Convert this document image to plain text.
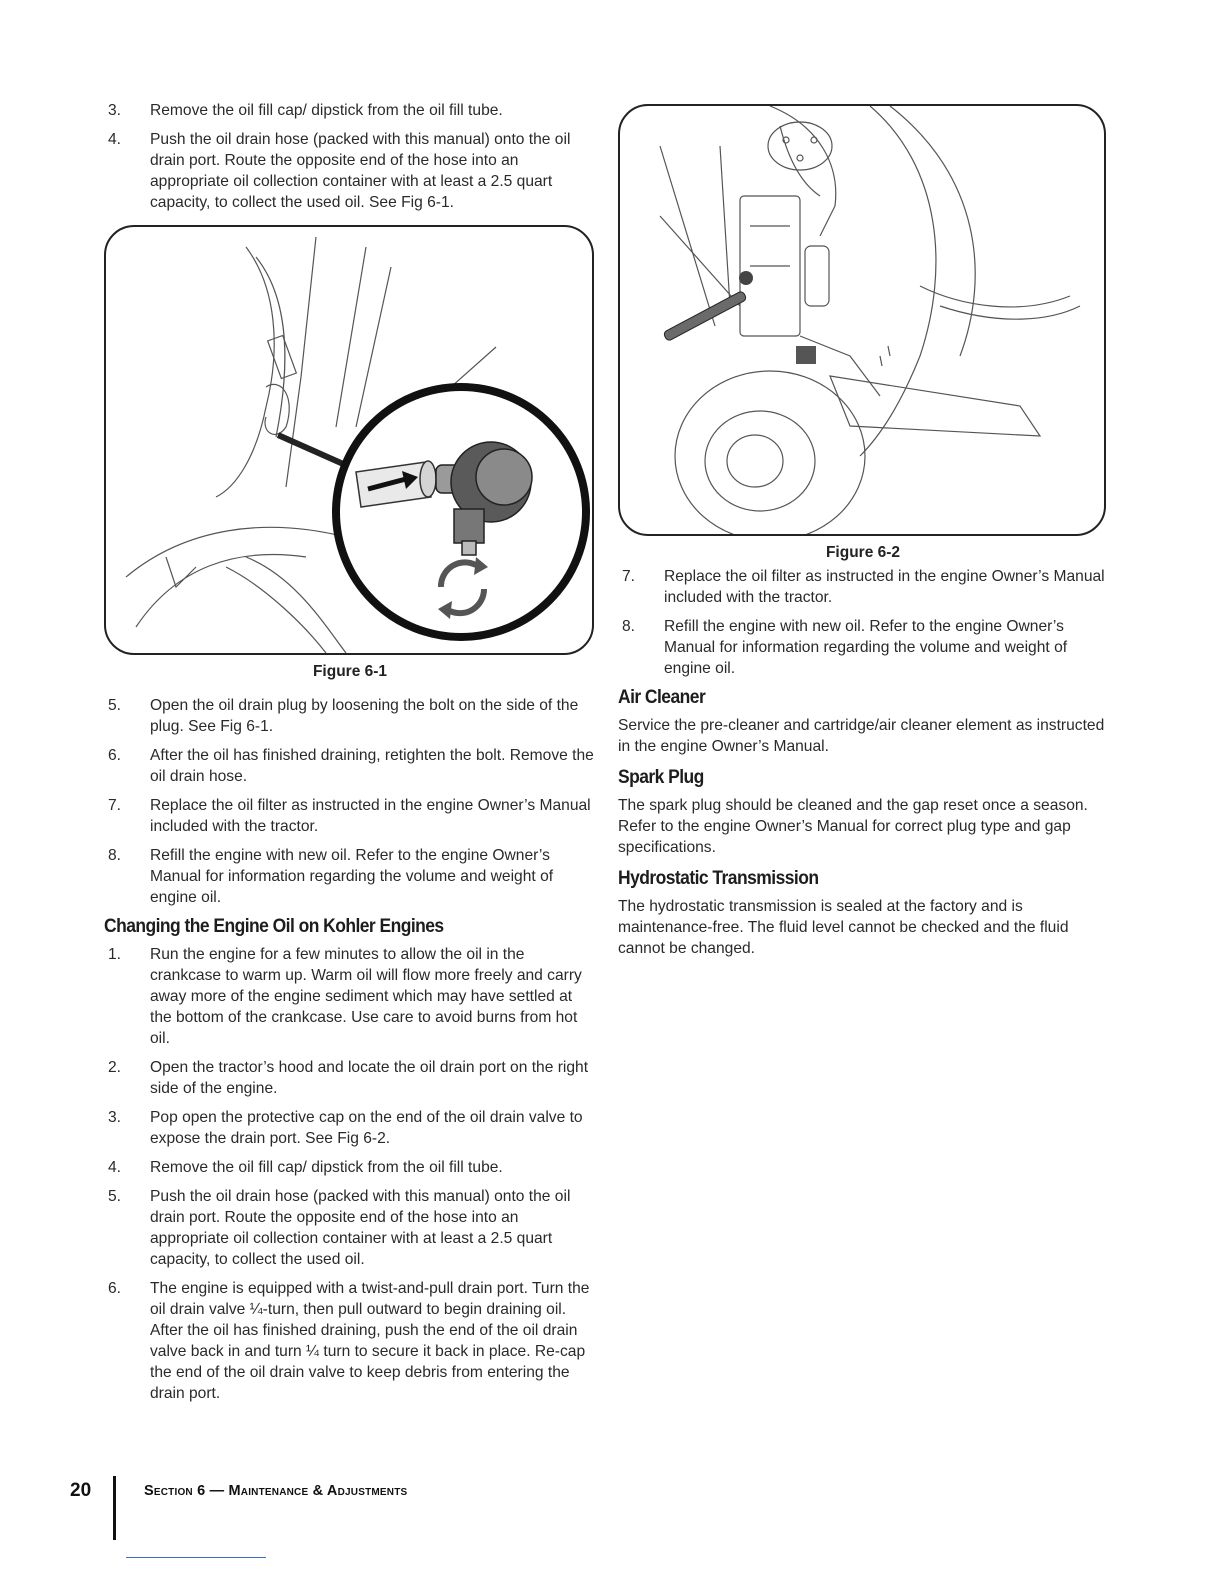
3. Remove the oil fill cap/ dipstick from the oil fill tube.
4. Push the oil drain hose (packed with this manual) onto the oil drain port. Route the opposite end of the hose into an appropriate oil collection container with at least a 2.5 quart capacity, to collect the used oil. See Fig 6-1.
Figure 6-1
5. Open the oil drain plug by loosening the bolt on the side of the plug. See Fig 6-1.
6. After the oil has finished draining, retighten the bolt. Remove the oil drain hose.
7. Replace the oil filter as instructed in the engine Owner’s Manual included with the tractor.
8. Refill the engine with new oil. Refer to the engine Owner’s Manual for information regarding the volume and weight of engine oil.
Changing the Engine Oil on Kohler Engines
1. Run the engine for a few minutes to allow the oil in the crankcase to warm up. Warm oil will flow more freely and carry away more of the engine sediment which may have settled at the bottom of the crankcase. Use care to avoid burns from hot oil.
2. Open the tractor’s hood and locate the oil drain port on the right side of the engine.
3. Pop open the protective cap on the end of the oil drain valve to expose the drain port. See Fig 6-2.
4. Remove the oil fill cap/ dipstick from the oil fill tube.
5. Push the oil drain hose (packed with this manual) onto the oil drain port. Route the opposite end of the hose into an appropriate oil collection container with at least a 2.5 quart capacity, to collect the used oil.
6. The engine is equipped with a twist-and-pull drain port. Turn the oil drain valve ¼-turn, then pull outward to begin draining oil. After the oil has finished draining, push the end of the oil drain valve back in and turn ¼ turn to secure it back in place. Re-cap the end of the oil drain valve to keep debris from entering the drain port.
Figure 6-2
7. Replace the oil filter as instructed in the engine Owner’s Manual included with the tractor.
8. Refill the engine with new oil. Refer to the engine Owner’s Manual for information regarding the volume and weight of engine oil.
Air Cleaner

Service the pre-cleaner and cartridge/air cleaner element as instructed in the engine Owner’s Manual.

Spark Plug

The spark plug should be cleaned and the gap reset once a season. Refer to the engine Owner’s Manual for correct plug type and gap specifications.

Hydrostatic Transmission

The hydrostatic transmission is sealed at the factory and is maintenance-free. The fluid level cannot be checked and the fluid cannot be changed.

20	Section 6 — Maintenance & Adjustments
